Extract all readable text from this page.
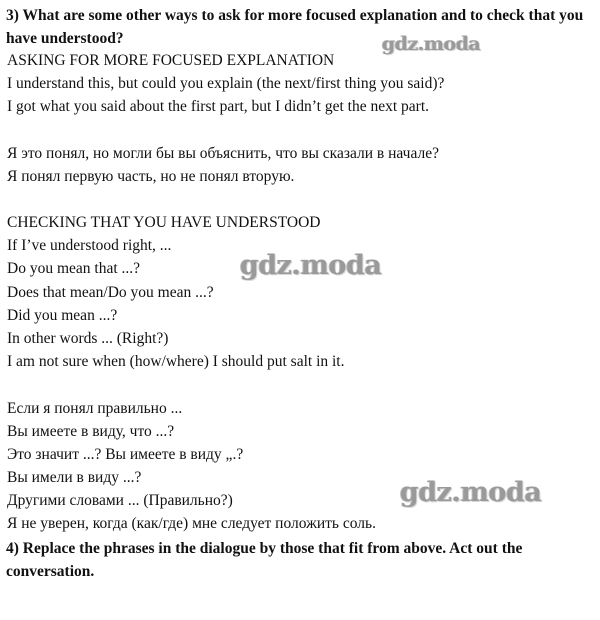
3) What are some other ways to ask for more focused explanation and to check that you have understood?

ASKING FOR MORE FOCUSED EXPLANATION

I understand this, but could you explain (the next/first thing you said)?

I got what you said about the first part, but I didn’t get the next part.

Я это понял, но могли бы вы объяснить, что вы сказали в начале?

Я понял первую часть, но не понял вторую.

CHECKING THAT YOU HAVE UNDERSTOOD

If I’ve understood right, ...

Do you mean that ...?

Does that mean/Do you mean ...?

Did you mean ...?

In other words ... (Right?)

I am not sure when (how/where) I should put salt in it.

Если я понял правильно ...

Вы имеете в виду, что ...?

Это значит ...? Вы имеете в виду „.?

Вы имели в виду ...?

Другими словами ... (Правильно?)

Я не уверен, когда (как/где) мне следует положить соль.

4) Replace the phrases in the dialogue by those that fit from above. Act out the conversation.

gdz.moda
gdz.moda
gdz.moda
